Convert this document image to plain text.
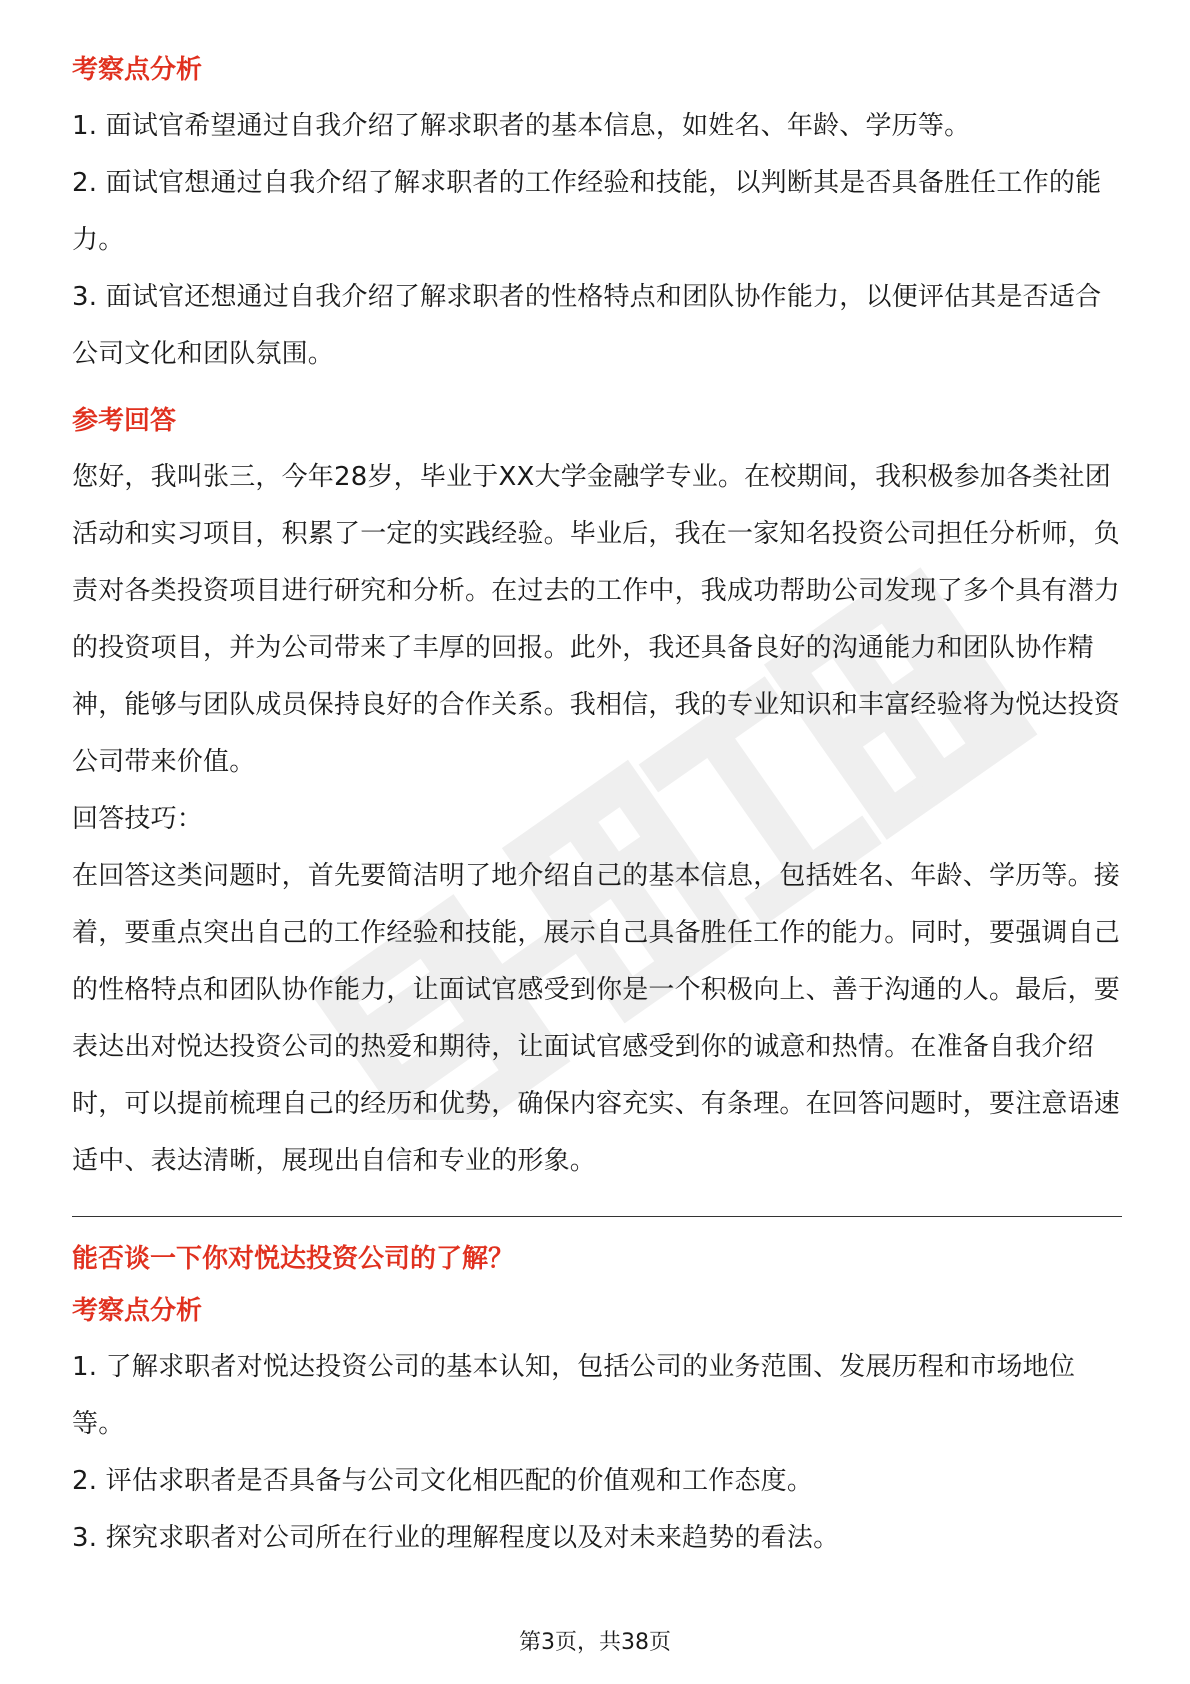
考察点分析

1. 面试官希望通过自我介绍了解求职者的基本信息，如姓名、年龄、学历等。

2. 面试官想通过自我介绍了解求职者的工作经验和技能，以判断其是否具备胜任工作的能力。

3. 面试官还想通过自我介绍了解求职者的性格特点和团队协作能力，以便评估其是否适合公司文化和团队氛围。

参考回答

您好，我叫张三，今年28岁，毕业于XX大学金融学专业。在校期间，我积极参加各类社团活动和实习项目，积累了一定的实践经验。毕业后，我在一家知名投资公司担任分析师，负责对各类投资项目进行研究和分析。在过去的工作中，我成功帮助公司发现了多个具有潜力的投资项目，并为公司带来了丰厚的回报。此外，我还具备良好的沟通能力和团队协作精神，能够与团队成员保持良好的合作关系。我相信，我的专业知识和丰富经验将为悦达投资公司带来价值。

回答技巧：

在回答这类问题时，首先要简洁明了地介绍自己的基本信息，包括姓名、年龄、学历等。接着，要重点突出自己的工作经验和技能，展示自己具备胜任工作的能力。同时，要强调自己的性格特点和团队协作能力，让面试官感受到你是一个积极向上、善于沟通的人。最后，要表达出对悦达投资公司的热爱和期待，让面试官感受到你的诚意和热情。在准备自我介绍时，可以提前梳理自己的经历和优势，确保内容充实、有条理。在回答问题时，要注意语速适中、表达清晰，展现出自信和专业的形象。

能否谈一下你对悦达投资公司的了解？
考察点分析

1. 了解求职者对悦达投资公司的基本认知，包括公司的业务范围、发展历程和市场地位等。

2. 评估求职者是否具备与公司文化相匹配的价值观和工作态度。

3. 探究求职者对公司所在行业的理解程度以及对未来趋势的看法。

第3页，共38页
